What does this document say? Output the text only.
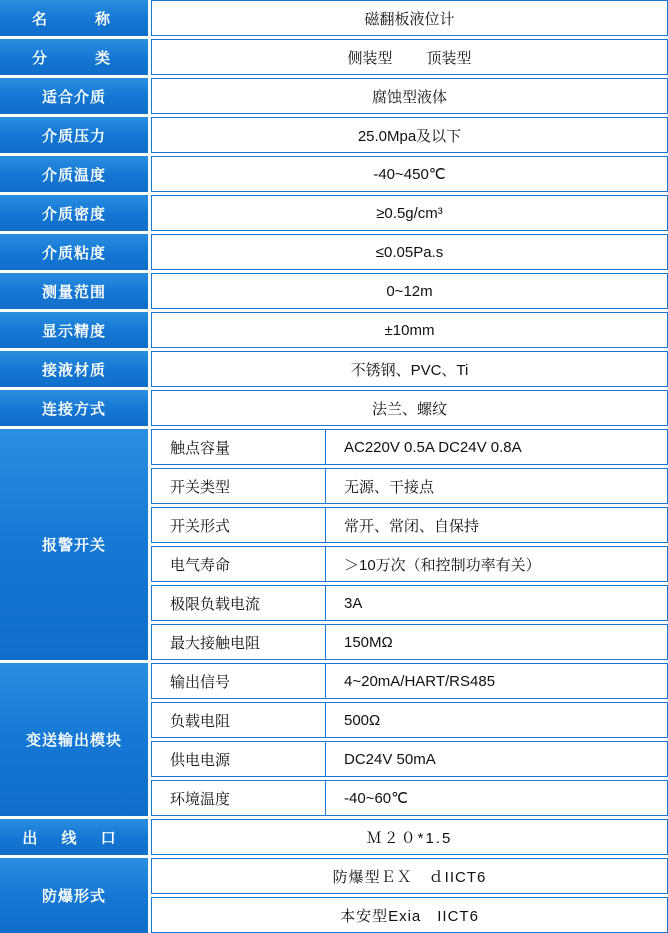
名　　称	磁翻板液位计
分　　类	侧装型 顶装型
适合介质	腐蚀型液体
介质压力	25.0Mpa及以下
介质温度	-40~450℃
介质密度	≥0.5g/cm³
介质粘度	≤0.05Pa.s
测量范围	0~12m
显示精度	±10mm
接液材质	不锈钢、PVC、Ti
连接方式	法兰、螺纹
报警开关
触点容量	AC220V 0.5A DC24V 0.8A
开关类型	无源、干接点
开关形式	常开、常闭、自保持
电气寿命	＞10万次（和控制功率有关）
极限负载电流	3A
最大接触电阻	150MΩ
变送输出模块
输出信号	4~20mA/HART/RS485
负载电阻	500Ω
供电电源	DC24V 50mA
环境温度	-40~60℃
出 线 口	Ｍ２０*1.5
防爆形式
防爆型ＥＸ　ｄIICT6
本安型Exia　IICT6
